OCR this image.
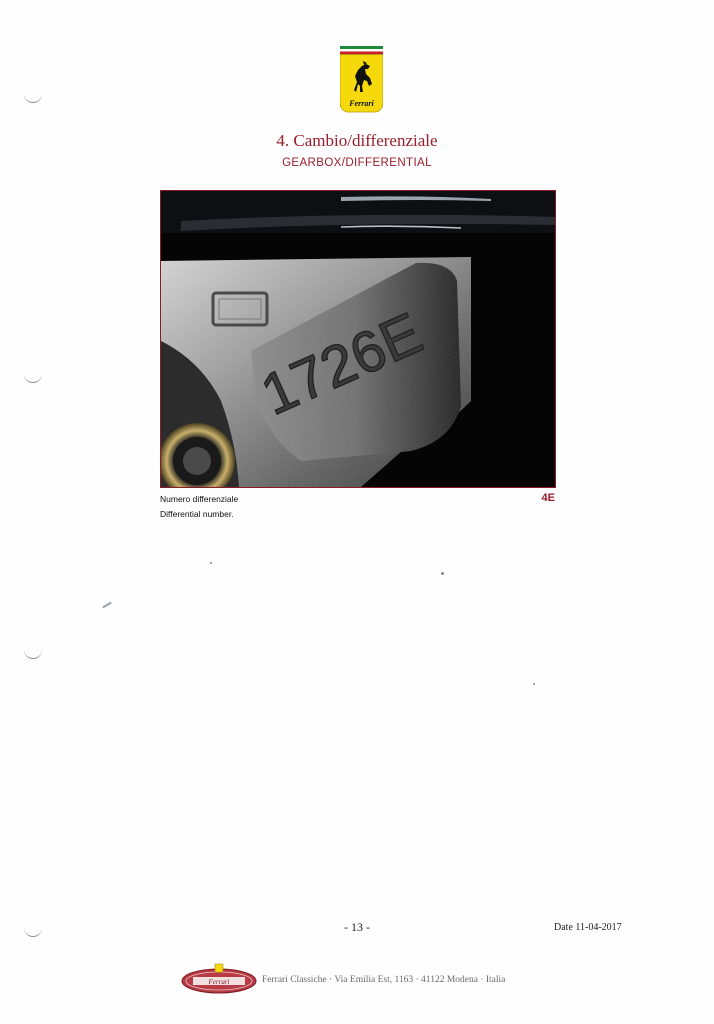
Ferrari
4. Cambio/differenziale
GEARBOX/DIFFERENTIAL
1726E
Numero differenziale
Differential number.
4E
- 13 -	Date 11-04-2017
Ferrari	Ferrari Classiche · Via Emilia Est, 1163 · 41122 Modena · Italia
